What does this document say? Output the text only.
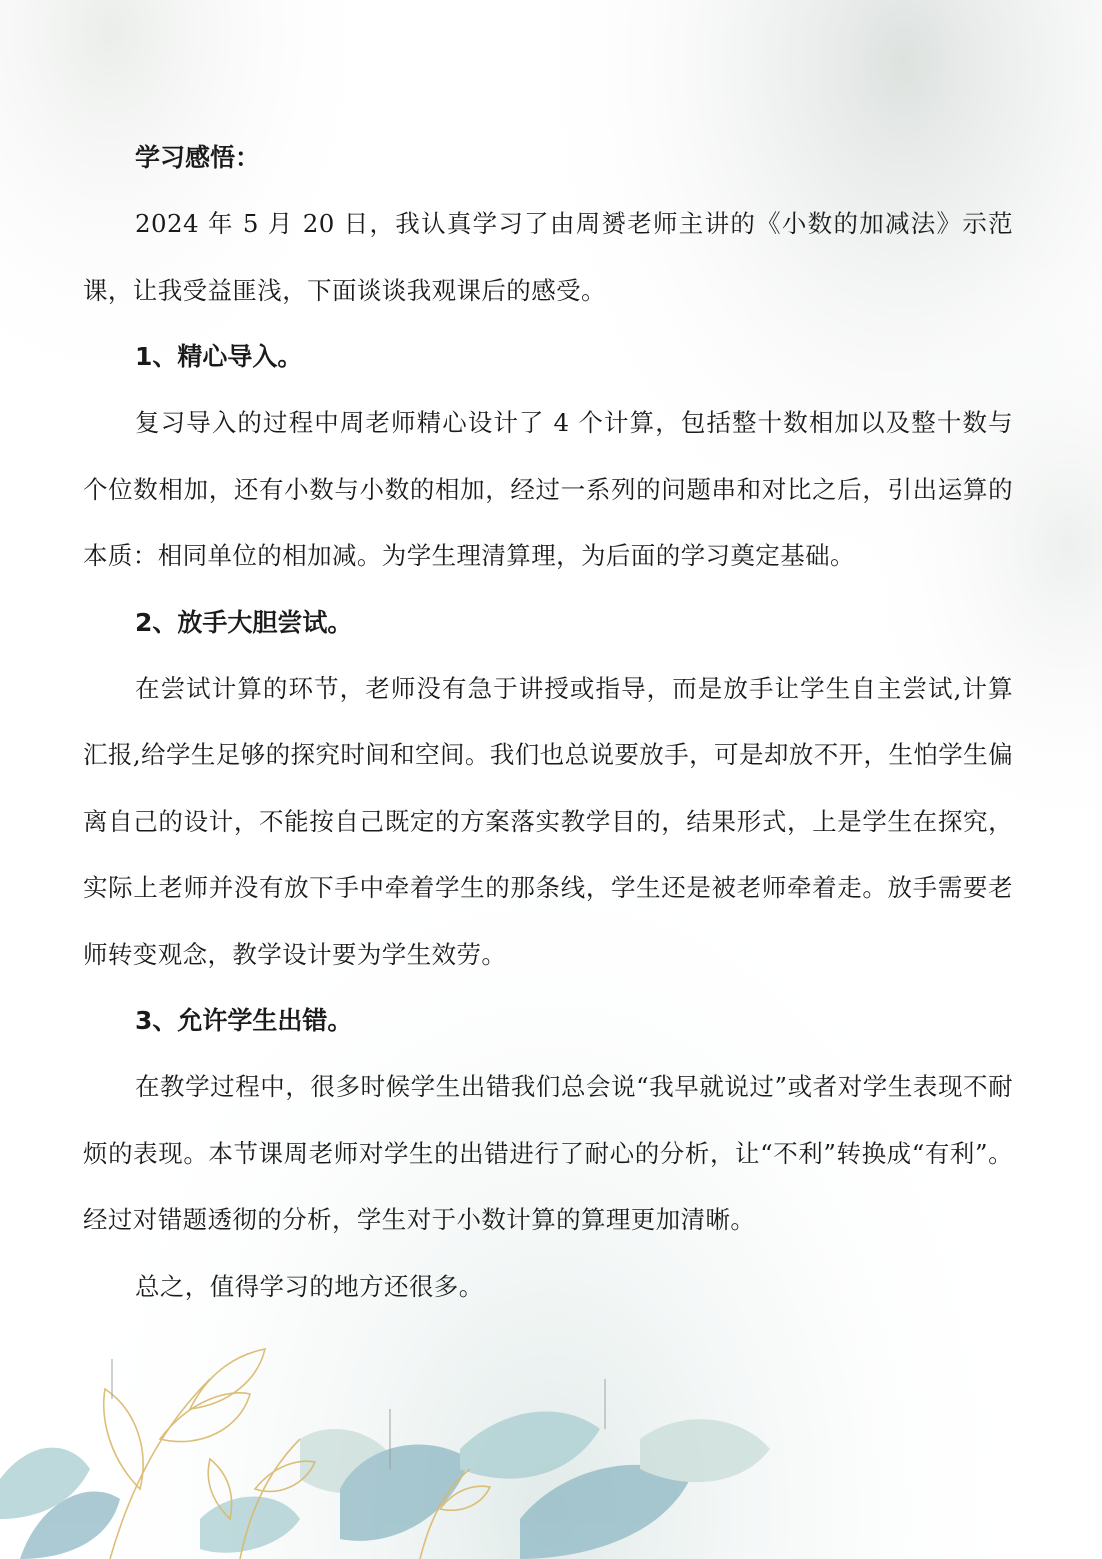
学习感悟：

2024 年 5 月 20 日，我认真学习了由周赟老师主讲的《小数的加减法》示范课，让我受益匪浅，下面谈谈我观课后的感受。

1、精心导入。

复习导入的过程中周老师精心设计了 4 个计算，包括整十数相加以及整十数与个位数相加，还有小数与小数的相加，经过一系列的问题串和对比之后，引出运算的本质：相同单位的相加减。为学生理清算理，为后面的学习奠定基础。

2、放手大胆尝试。

在尝试计算的环节，老师没有急于讲授或指导，而是放手让学生自主尝试,计算汇报,给学生足够的探究时间和空间。我们也总说要放手，可是却放不开，生怕学生偏离自己的设计，不能按自己既定的方案落实教学目的，结果形式，上是学生在探究，实际上老师并没有放下手中牵着学生的那条线，学生还是被老师牵着走。放手需要老师转变观念，教学设计要为学生效劳。

3、允许学生出错。

在教学过程中，很多时候学生出错我们总会说“我早就说过”或者对学生表现不耐烦的表现。本节课周老师对学生的出错进行了耐心的分析，让“不利”转换成“有利”。经过对错题透彻的分析，学生对于小数计算的算理更加清晰。

总之，值得学习的地方还很多。
